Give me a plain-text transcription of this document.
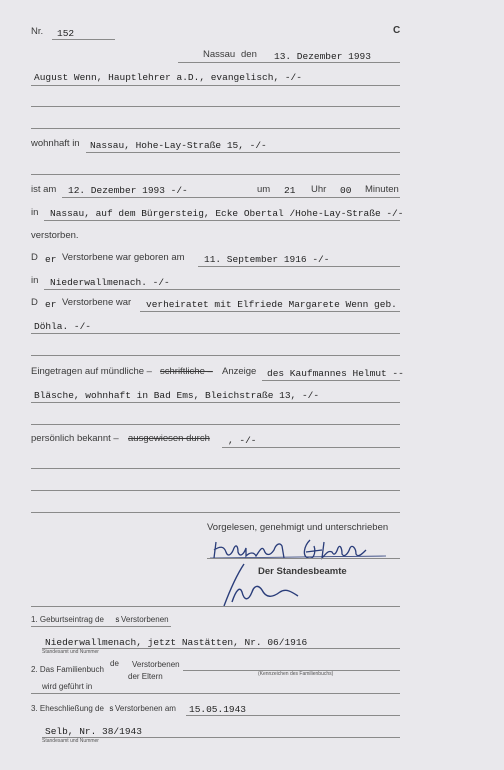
Nr. 152	C
Nassau den 13. Dezember 1993
August Wenn, Hauptlehrer a.D., evangelisch, -/-
wohnhaft in Nassau, Hohe-Lay-Straße 15, -/-
ist am 12. Dezember 1993 -/-	um 21 Uhr 00 Minuten
in Nassau, auf dem Bürgersteig, Ecke Obertal /Hohe-Lay-Straße -/-
verstorben.
D er Verstorbene war geboren am 11. September 1916 -/-
in Niederwallmenach. -/-
D er Verstorbene war verheiratet mit Elfriede Margarete Wenn geb.
Döhla. -/-
Eingetragen auf mündliche – schriftliche – Anzeige des Kaufmannes Helmut --
Bläsche, wohnhaft in Bad Ems, Bleichstraße 13, -/-
persönlich bekannt – ausgewiesen durch , -/-
Vorgelesen, genehmigt und unterschrieben
Der Standesbeamte
1. Geburtseintrag de s Verstorbenen
Niederwallmenach, jetzt Nastätten, Nr. 06/1916
Standesamt und Nummer
2. Das Familienbuch
de Verstorbenen
der Eltern	(Kennzeichen des Familienbuchs)
wird geführt in
3. Eheschließung de s Verstorbenen am 15.05.1943
Selb, Nr. 38/1943
Standesamt und Nummer
